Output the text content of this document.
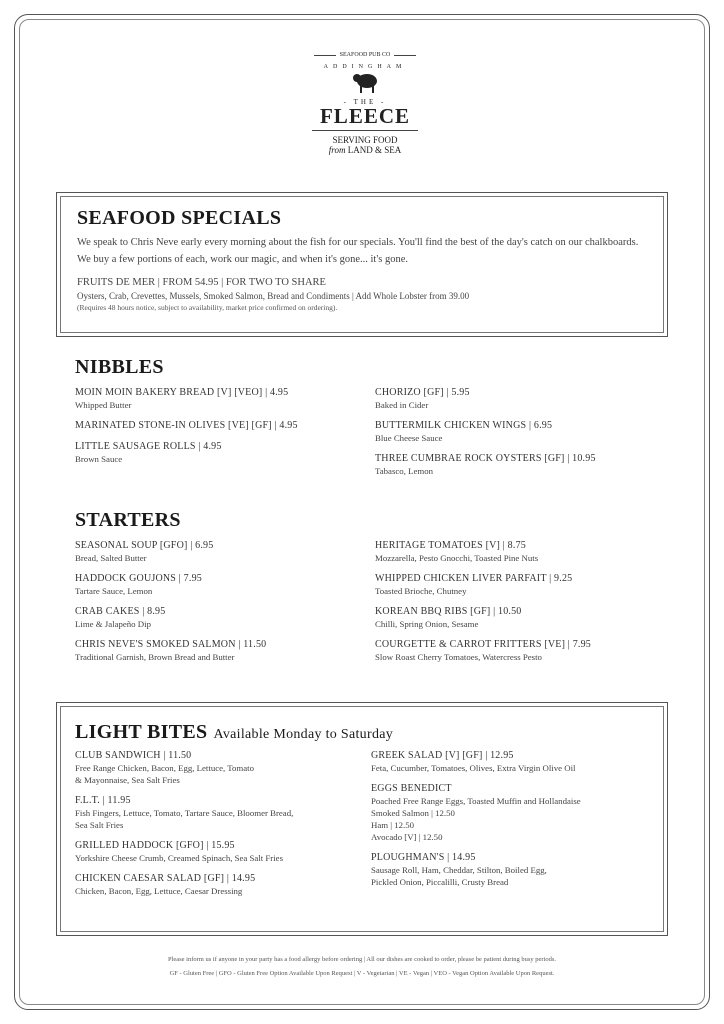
SEAFOOD PUB CO
ADDINGHAM
- THE -
FLEECE
SERVING FOOD
from LAND & SEA
SEAFOOD SPECIALS
We speak to Chris Neve early every morning about the fish for our specials. You'll find the best of the day's catch on our chalkboards. We buy a few portions of each, work our magic, and when it's gone... it's gone.
FRUITS DE MER | FROM 54.95 | FOR TWO TO SHARE
Oysters, Crab, Crevettes, Mussels, Smoked Salmon, Bread and Condiments | Add Whole Lobster from 39.00
(Requires 48 hours notice, subject to availability, market price confirmed on ordering).
NIBBLES
MOIN MOIN BAKERY BREAD [V] [VEO] | 4.95
Whipped Butter
MARINATED STONE-IN OLIVES [VE] [GF] | 4.95
LITTLE SAUSAGE ROLLS | 4.95
Brown Sauce
CHORIZO [GF] | 5.95
Baked in Cider
BUTTERMILK CHICKEN WINGS | 6.95
Blue Cheese Sauce
THREE CUMBRAE ROCK OYSTERS [GF] | 10.95
Tabasco, Lemon
STARTERS
SEASONAL SOUP [GFO] | 6.95
Bread, Salted Butter
HADDOCK GOUJONS | 7.95
Tartare Sauce, Lemon
CRAB CAKES | 8.95
Lime & Jalapeño Dip
CHRIS NEVE'S SMOKED SALMON | 11.50
Traditional Garnish, Brown Bread and Butter
HERITAGE TOMATOES [V] | 8.75
Mozzarella, Pesto Gnocchi, Toasted Pine Nuts
WHIPPED CHICKEN LIVER PARFAIT | 9.25
Toasted Brioche, Chutney
KOREAN BBQ RIBS [GF] | 10.50
Chilli, Spring Onion, Sesame
COURGETTE & CARROT FRITTERS [VE] | 7.95
Slow Roast Cherry Tomatoes, Watercress Pesto
LIGHT BITES Available Monday to Saturday
CLUB SANDWICH | 11.50
Free Range Chicken, Bacon, Egg, Lettuce, Tomato
& Mayonnaise, Sea Salt Fries
F.L.T. | 11.95
Fish Fingers, Lettuce, Tomato, Tartare Sauce, Bloomer Bread,
Sea Salt Fries
GRILLED HADDOCK [GFO] | 15.95
Yorkshire Cheese Crumb, Creamed Spinach, Sea Salt Fries
CHICKEN CAESAR SALAD [GF] | 14.95
Chicken, Bacon, Egg, Lettuce, Caesar Dressing
GREEK SALAD [V] [GF] | 12.95
Feta, Cucumber, Tomatoes, Olives, Extra Virgin Olive Oil
EGGS BENEDICT
Poached Free Range Eggs, Toasted Muffin and Hollandaise
Smoked Salmon | 12.50
Ham | 12.50
Avocado [V] | 12.50
PLOUGHMAN'S | 14.95
Sausage Roll, Ham, Cheddar, Stilton, Boiled Egg,
Pickled Onion, Piccalilli, Crusty Bread
Please inform us if anyone in your party has a food allergy before ordering | All our dishes are cooked to order, please be patient during busy periods.
GF - Gluten Free | GFO - Gluten Free Option Available Upon Request | V - Vegetarian | VE - Vegan | VEO - Vegan Option Available Upon Request.
